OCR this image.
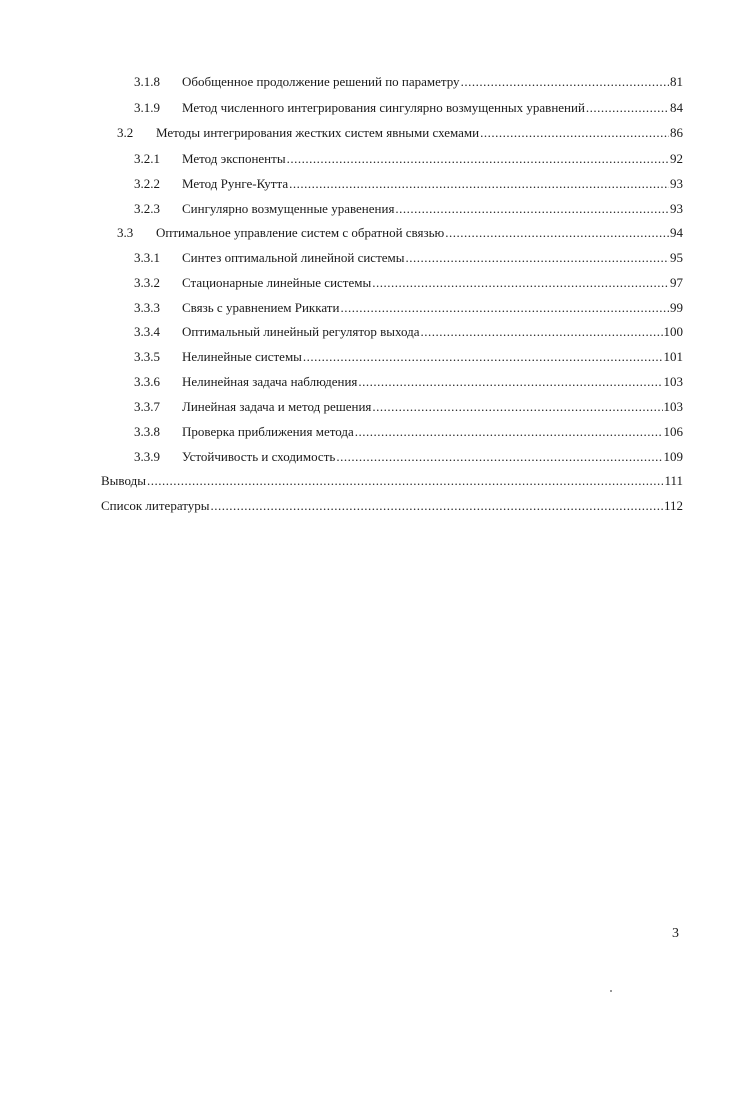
3.1.8	Обобщенное продолжение решений по параметру .....	81
3.1.9	Метод численного интегрирования сингулярно возмущенных уравнений .....	84
3.2	Методы интегрирования жестких систем явными схемами .....	86
3.2.1	Метод экспоненты .....	92
3.2.2	Метод Рунге-Кутта .....	93
3.2.3	Сингулярно возмущенные уравенения .....	93
3.3	Оптимальное управление систем с обратной связью .....	94
3.3.1	Синтез оптимальной линейной системы .....	95
3.3.2	Стационарные линейные системы .....	97
3.3.3	Связь с уравнением Риккати .....	99
3.3.4	Оптимальный линейный регулятор выхода .....	100
3.3.5	Нелинейные системы .....	101
3.3.6	Нелинейная задача наблюдения .....	103
3.3.7	Линейная задача и метод решения .....	103
3.3.8	Проверка приближения метода .....	106
3.3.9	Устойчивость и сходимость .....	109
Выводы .....	111
Список литературы .....	112
3
